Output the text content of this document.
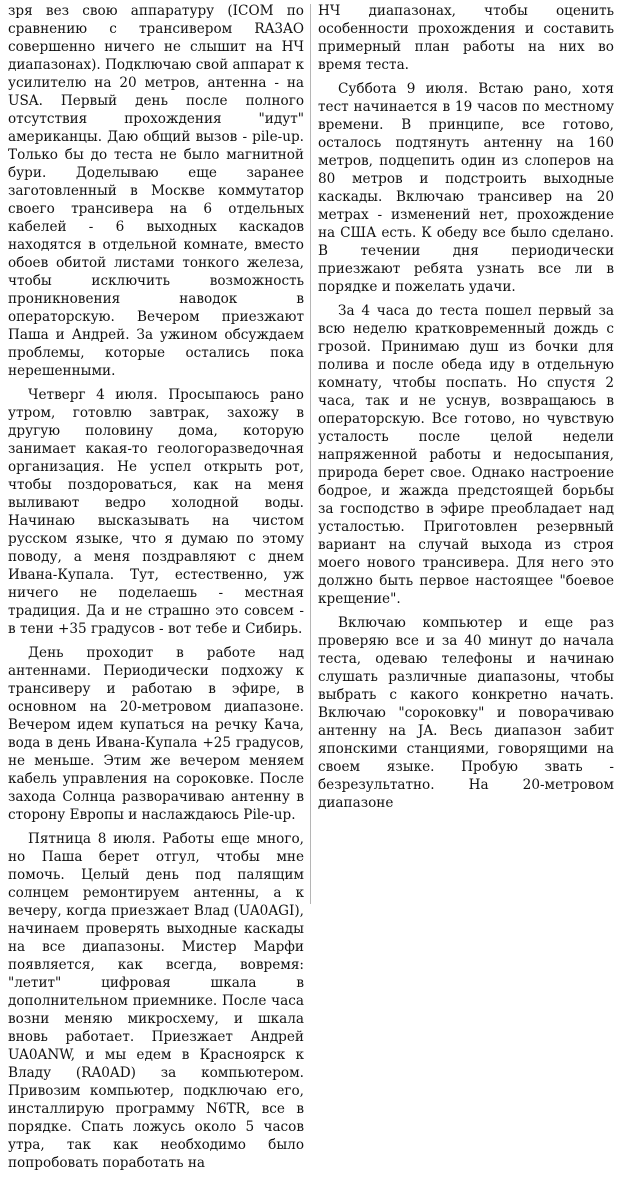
зря вез свою аппаратуру (ICOM по сравнению с трансивером RA3AO совершенно ничего не слышит на НЧ диапазонах). Подключаю свой аппарат к усилителю на 20 метров, антенна - на USA. Первый день после полного отсутствия прохождения "идут" американцы. Даю общий вызов - pile-up. Только бы до теста не было магнитной бури. Доделываю еще заранее заготовленный в Москве коммутатор своего трансивера на 6 отдельных кабелей - 6 выходных каскадов находятся в отдельной комнате, вместо обоев обитой листами тонкого железа, чтобы исключить возможность проникновения наводок в операторскую. Вечером приезжают Паша и Андрей. За ужином обсуждаем проблемы, которые остались пока нерешенными.

Четверг 4 июля. Просыпаюсь рано утром, готовлю завтрак, захожу в другую половину дома, которую занимает какая-то геологоразведочная организация. Не успел открыть рот, чтобы поздороваться, как на меня выливают ведро холодной воды. Начинаю высказывать на чистом русском языке, что я думаю по этому поводу, а меня поздравляют с днем Ивана-Купала. Тут, естественно, уж ничего не поделаешь - местная традиция. Да и не страшно это совсем - в тени +35 градусов - вот тебе и Сибирь.

День проходит в работе над антеннами. Периодически подхожу к трансиверу и работаю в эфире, в основном на 20-метровом диапазоне. Вечером идем купаться на речку Кача, вода в день Ивана-Купала +25 градусов, не меньше. Этим же вечером меняем кабель управления на сороковке. После захода Солнца разворачиваю антенну в сторону Европы и наслаждаюсь Pile-up.

Пятница 8 июля. Работы еще много, но Паша берет отгул, чтобы мне помочь. Целый день под палящим солнцем ремонтируем антенны, а к вечеру, когда приезжает Влад (UA0AGI), начинаем проверять выходные каскады на все диапазоны. Мистер Марфи появляется, как всегда, вовремя: "летит" цифровая шкала в дополнительном приемнике. После часа возни меняю микросхему, и шкала вновь работает. Приезжает Андрей UA0ANW, и мы едем в Красноярск к Владу (RA0AD) за компьютером. Привозим компьютер, подключаю его, инсталлирую программу N6TR, все в порядке. Спать ложусь около 5 часов утра, так как необходимо было попробовать поработать на

НЧ диапазонах, чтобы оценить особенности прохождения и составить примерный план работы на них во время теста.

Суббота 9 июля. Встаю рано, хотя тест начинается в 19 часов по местному времени. В принципе, все готово, осталось подтянуть антенну на 160 метров, подцепить один из слоперов на 80 метров и подстроить выходные каскады. Включаю трансивер на 20 метрах - изменений нет, прохождение на США есть. К обеду все было сделано. В течении дня периодически приезжают ребята узнать все ли в порядке и пожелать удачи.

За 4 часа до теста пошел первый за всю неделю кратковременный дождь с грозой. Принимаю душ из бочки для полива и после обеда иду в отдельную комнату, чтобы поспать. Но спустя 2 часа, так и не уснув, возвращаюсь в операторскую. Все готово, но чувствую усталость после целой недели напряженной работы и недосыпания, природа берет свое. Однако настроение бодрое, и жажда предстоящей борьбы за господство в эфире преобладает над усталостью. Приготовлен резервный вариант на случай выхода из строя моего нового трансивера. Для него это должно быть первое настоящее "боевое крещение".

Включаю компьютер и еще раз проверяю все и за 40 минут до начала теста, одеваю телефоны и начинаю слушать различные диапазоны, чтобы выбрать с какого конкретно начать. Включаю "сороковку" и поворачиваю антенну на JA. Весь диапазон забит японскими станциями, говорящими на своем языке. Пробую звать - безрезультатно. На 20-метровом диапазоне
